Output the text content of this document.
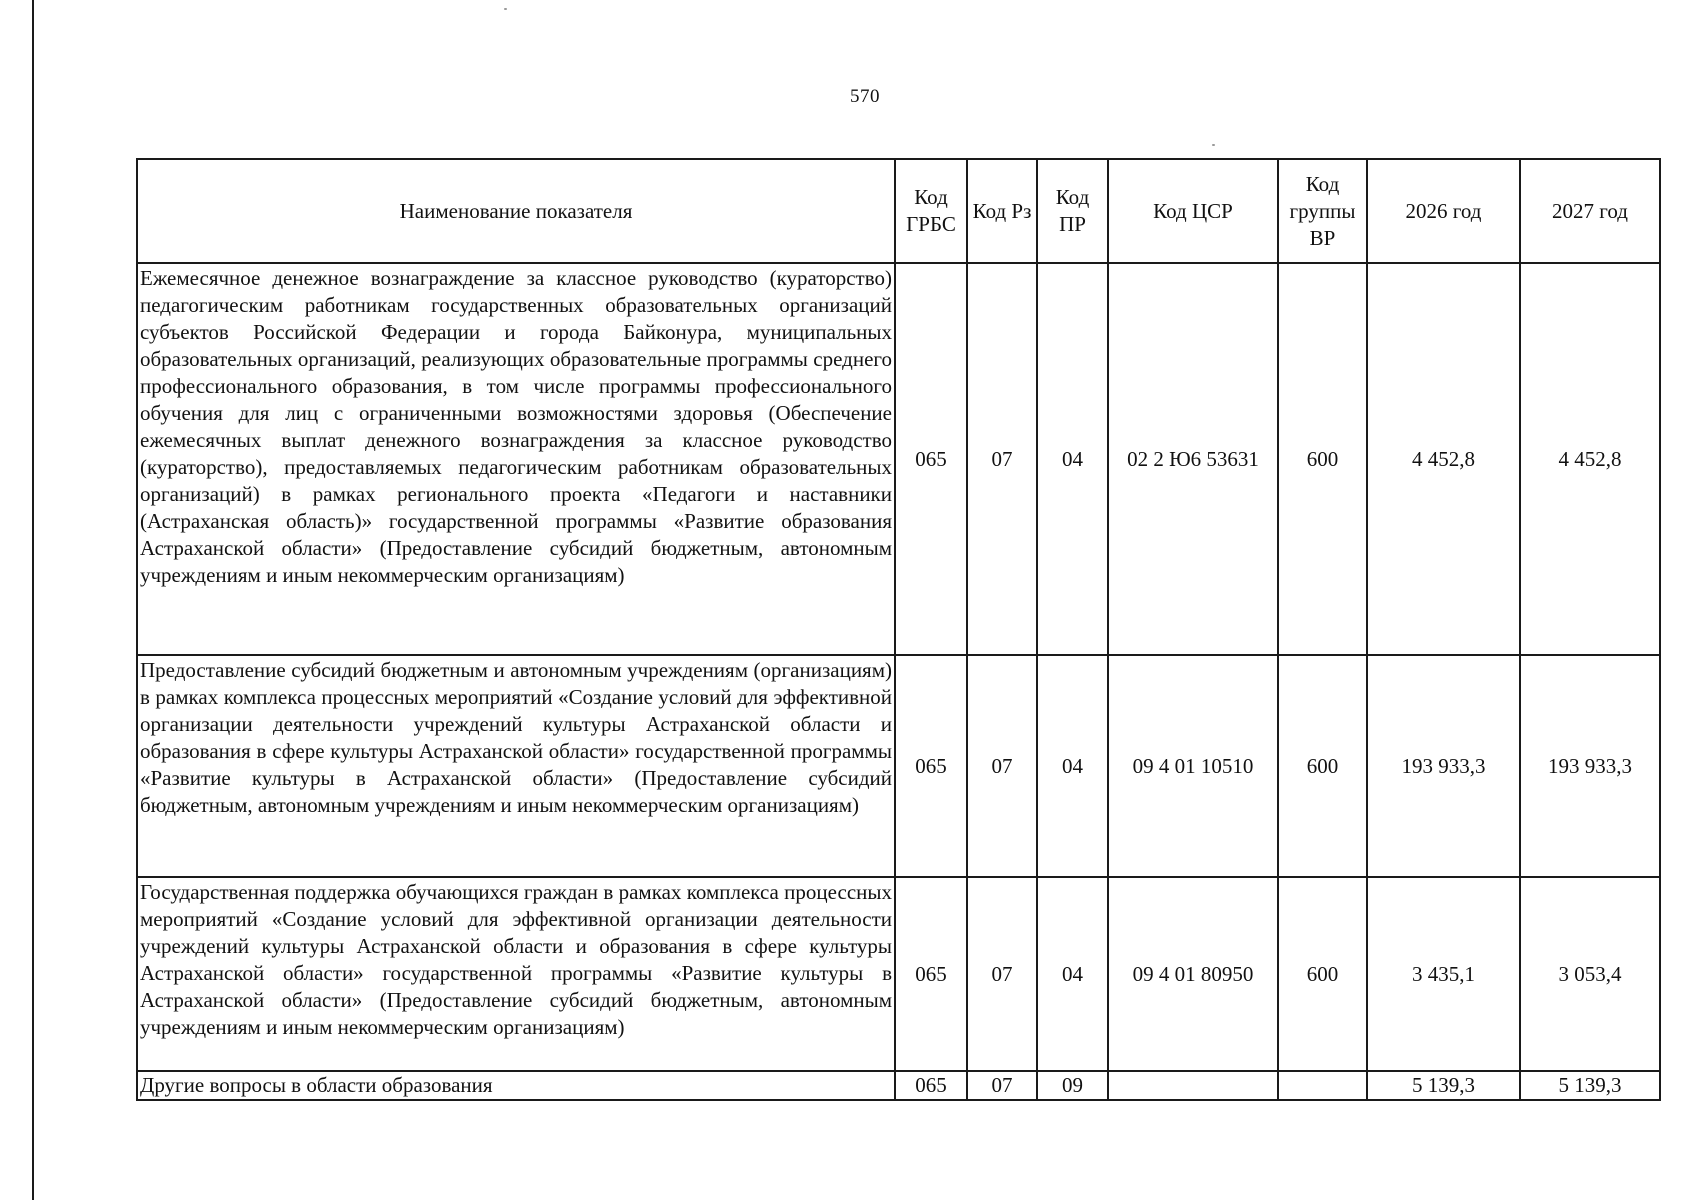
570
Наименование показателя	Код ГРБС	Код Рз	Код ПР	Код ЦСР	Код группы ВР	2026 год	2027 год
Ежемесячное денежное вознаграждение за классное руководство (кураторство) педагогическим работникам государственных образовательных организаций субъектов Российской Федерации и города Байконура, муниципальных образовательных организаций, реализующих образовательные программы среднего профессионального образования, в том числе программы профессионального обучения для лиц с ограниченными возможностями здоровья (Обеспечение ежемесячных выплат денежного вознаграждения за классное руководство (кураторство), предоставляемых педагогическим работникам образовательных организаций) в рамках регионального проекта «Педагоги и наставники (Астраханская область)» государственной программы «Развитие образования Астраханской области» (Предоставление субсидий бюджетным, автономным учреждениям и иным некоммерческим организациям)	065	07	04	02 2 Ю6 53631	600	4 452,8	4 452,8
Предоставление субсидий бюджетным и автономным учреждениям (организациям) в рамках комплекса процессных мероприятий «Создание условий для эффективной организации деятельности учреждений культуры Астраханской области и образования в сфере культуры Астраханской области» государственной программы «Развитие культуры в Астраханской области» (Предоставление субсидий бюджетным, автономным учреждениям и иным некоммерческим организациям)	065	07	04	09 4 01 10510	600	193 933,3	193 933,3
Государственная поддержка обучающихся граждан в рамках комплекса процессных мероприятий «Создание условий для эффективной организации деятельности учреждений культуры Астраханской области и образования в сфере культуры Астраханской области» государственной программы «Развитие культуры в Астраханской области» (Предоставление субсидий бюджетным, автономным учреждениям и иным некоммерческим организациям)	065	07	04	09 4 01 80950	600	3 435,1	3 053,4
Другие вопросы в области образования	065	07	09			5 139,3	5 139,3
